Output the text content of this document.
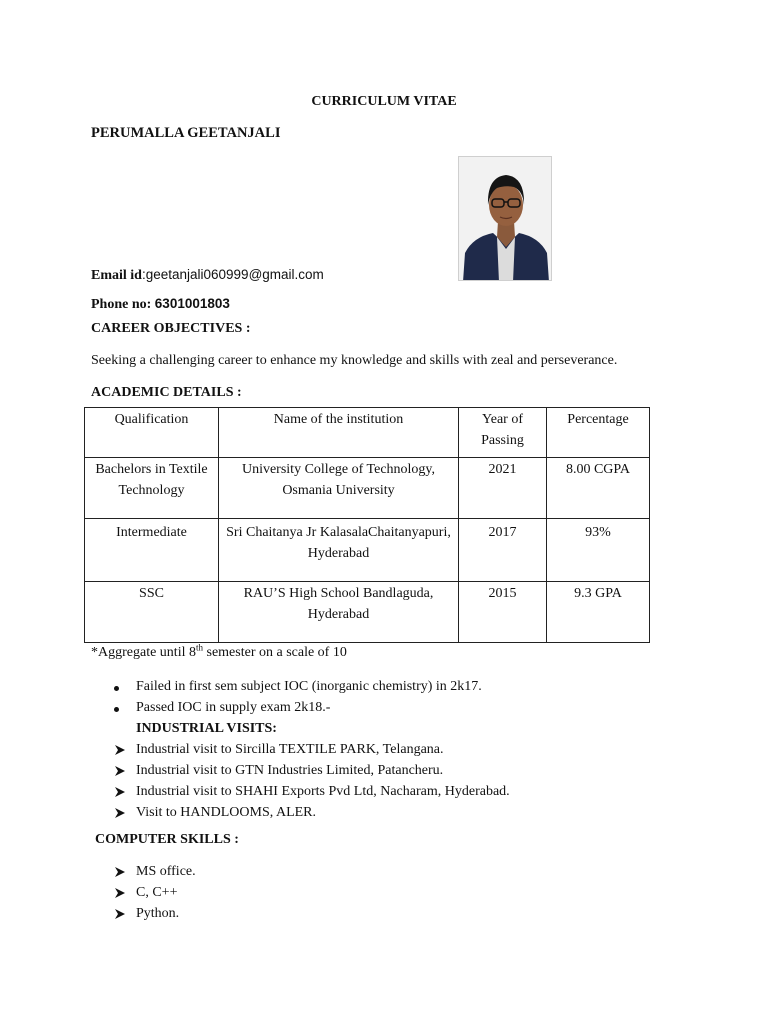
CURRICULUM VITAE
PERUMALLA GEETANJALI
Email id:geetanjali060999@gmail.com
Phone no: 6301001803
CAREER OBJECTIVES :
Seeking a challenging career to enhance my knowledge and skills with zeal and perseverance.
ACADEMIC DETAILS :
Qualification	Name of the institution	Year of Passing	Percentage
Bachelors in Textile Technology	University College of Technology, Osmania University	2021	8.00 CGPA
Intermediate	Sri Chaitanya Jr KalasalaChaitanyapuri, Hyderabad	2017	93%
SSC	RAU’S High School Bandlaguda, Hyderabad	2015	9.3 GPA
*Aggregate until 8th semester on a scale of 10
Failed in first sem subject IOC (inorganic chemistry) in 2k17.
Passed IOC in supply exam 2k18.-
INDUSTRIAL VISITS:
Industrial visit to Sircilla TEXTILE PARK, Telangana.
Industrial visit to GTN Industries Limited, Patancheru.
Industrial visit to SHAHI Exports Pvd Ltd, Nacharam, Hyderabad.
Visit to HANDLOOMS, ALER.
COMPUTER SKILLS :
MS office.
C, C++
Python.
